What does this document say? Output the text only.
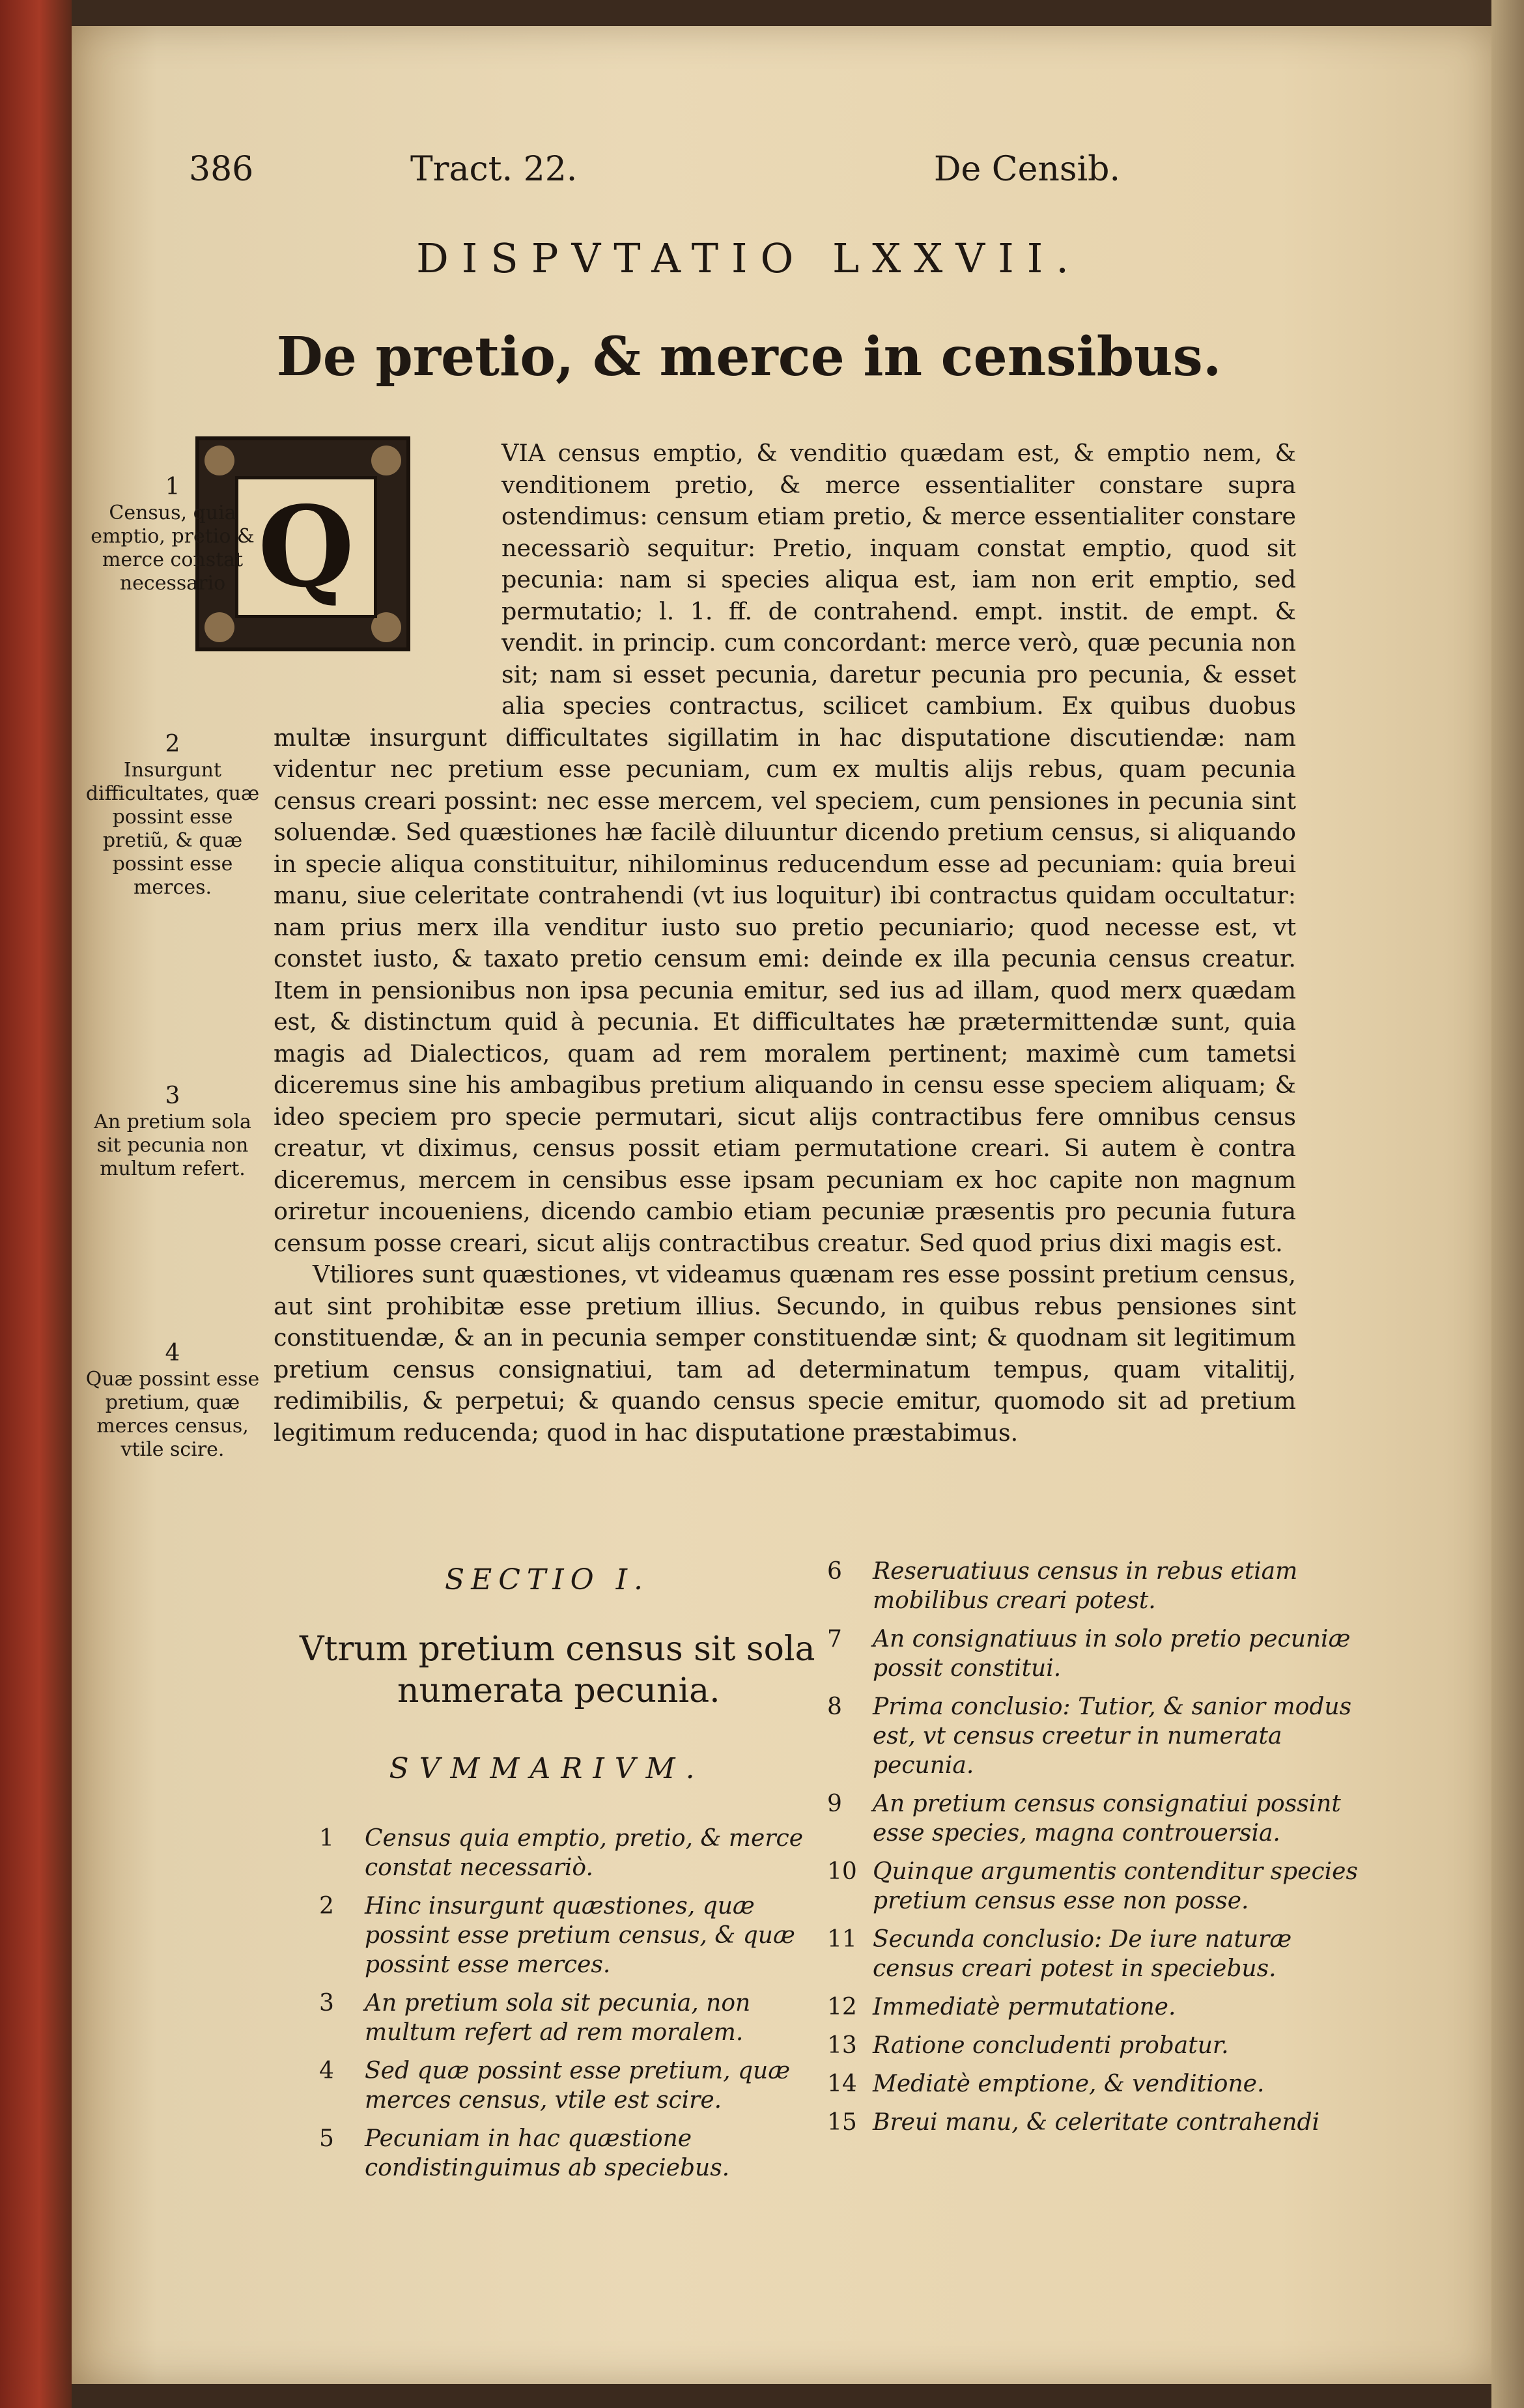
386	Tract. 22.	De Censib.
DISPVTATIO LXXVII.
De pretio, & merce in censibus.
Q

VIA census emptio, & venditio quædam est, & emptio nem, & venditionem pretio, & merce essentialiter constare supra ostendimus: censum etiam pretio, & merce essentialiter constare necessariò sequitur: Pretio, inquam constat emptio, quod sit pecunia: nam si species aliqua est, iam non erit emptio, sed permutatio; l. 1. ff. de contrahend. empt. instit. de empt. & vendit. in princip. cum concordant: merce verò, quæ pecunia non sit; nam si esset pecunia, daretur pecunia pro pecunia, & esset alia species contractus, scilicet cambium. Ex quibus duobus multæ insurgunt difficultates sigillatim in hac disputatione discutiendæ: nam videntur nec pretium esse pecuniam, cum ex multis alijs rebus, quam pecunia census creari possint: nec esse mercem, vel speciem, cum pensiones in pecunia sint soluendæ. Sed quæstiones hæ facilè diluuntur dicendo pretium census, si aliquando in specie aliqua constituitur, nihilominus reducendum esse ad pecuniam: quia breui manu, siue celeritate contrahendi (vt ius loquitur) ibi contractus quidam occultatur: nam prius merx illa venditur iusto suo pretio pecuniario; quod necesse est, vt constet iusto, & taxato pretio censum emi: deinde ex illa pecunia census creatur. Item in pensionibus non ipsa pecunia emitur, sed ius ad illam, quod merx quædam est, & distinctum quid à pecunia. Et difficultates hæ prætermittendæ sunt, quia magis ad Dialecticos, quam ad rem moralem pertinent; maximè cum tametsi diceremus sine his ambagibus pretium aliquando in censu esse speciem aliquam; & ideo speciem pro specie permutari, sicut alijs contractibus fere omnibus census creatur, vt diximus, census possit etiam permutatione creari. Si autem è contra diceremus, mercem in censibus esse ipsam pecuniam ex hoc capite non magnum oriretur incoueniens, dicendo cambio etiam pecuniæ præsentis pro pecunia futura censum posse creari, sicut alijs contractibus creatur. Sed quod prius dixi magis est.

Vtiliores sunt quæstiones, vt videamus quænam res esse possint pretium census, aut sint prohibitæ esse pretium illius. Secundo, in quibus rebus pensiones sint constituendæ, & an in pecunia semper constituendæ sint; & quodnam sit legitimum pretium census consignatiui, tam ad determinatum tempus, quam vitalitij, redimibilis, & perpetui; & quando census specie emitur, quomodo sit ad pretium legitimum reducenda; quod in hac disputatione præstabimus.

1
Census, quia emptio, pretio & merce constat necessario
2
Insurgunt difficultates, quæ possint esse pretiũ, & quæ possint esse merces.
3
An pretium sola sit pecunia non multum refert.
4
Quæ possint esse pretium, quæ merces census, vtile scire.
SECTIO I.
Vtrum pretium census sit sola
numerata pecunia.
SVMMARIVM.
1 Census quia emptio, pretio, & merce constat necessariò.
2 Hinc insurgunt quæstiones, quæ possint esse pretium census, & quæ possint esse merces.
3 An pretium sola sit pecunia, non multum refert ad rem moralem.
4 Sed quæ possint esse pretium, quæ merces census, vtile est scire.
5 Pecuniam in hac quæstione condistinguimus ab speciebus.
6 Reseruatiuus census in rebus etiam mobilibus creari potest.
7 An consignatiuus in solo pretio pecuniæ possit constitui.
8 Prima conclusio: Tutior, & sanior modus est, vt census creetur in numerata pecunia.
9 An pretium census consignatiui possint esse species, magna controuersia.
10 Quinque argumentis contenditur species pretium census esse non posse.
11 Secunda conclusio: De iure naturæ census creari potest in speciebus.
12 Immediatè permutatione.
13 Ratione concludenti probatur.
14 Mediatè emptione, & venditione.
15 Breui manu, & celeritate contrahendi
